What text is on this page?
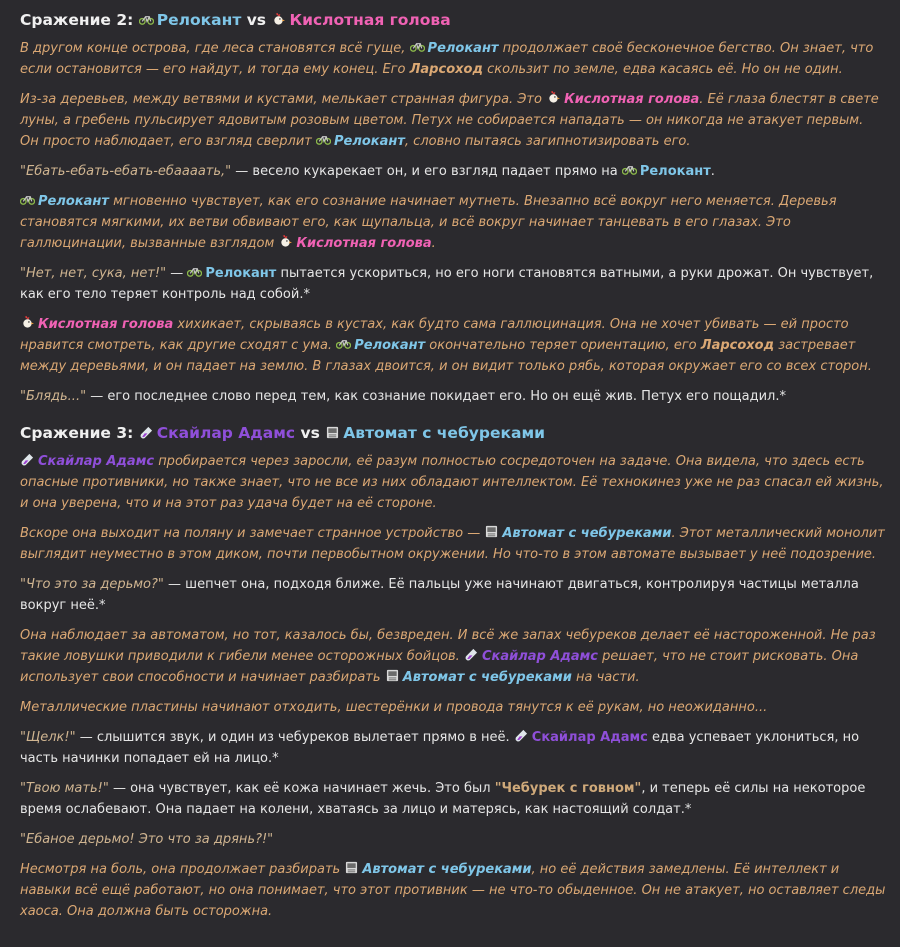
Сражение 2: Релокант vs Кислотная голова

В другом конце острова, где леса становятся всё гуще, Релокант продолжает своё бесконечное бегство. Он знает, что если остановится — его найдут, и тогда ему конец. Его Ларсоход скользит по земле, едва касаясь её. Но он не один.

Из-за деревьев, между ветвями и кустами, мелькает странная фигура. Это Кислотная голова. Её глаза блестят в свете луны, а гребень пульсирует ядовитым розовым цветом. Петух не собирается нападать — он никогда не атакует первым. Он просто наблюдает, его взгляд сверлит Релокант, словно пытаясь загипнотизировать его.

"Ебать-ебать-ебать-ебаааать," — весело кукарекает он, и его взгляд падает прямо на Релокант.

Релокант мгновенно чувствует, как его сознание начинает мутнеть. Внезапно всё вокруг него меняется. Деревья становятся мягкими, их ветви обвивают его, как щупальца, и всё вокруг начинает танцевать в его глазах. Это галлюцинации, вызванные взглядом Кислотная голова.

"Нет, нет, сука, нет!" — Релокант пытается ускориться, но его ноги становятся ватными, а руки дрожат. Он чувствует, как его тело теряет контроль над собой.*

Кислотная голова хихикает, скрываясь в кустах, как будто сама галлюцинация. Она не хочет убивать — ей просто нравится смотреть, как другие сходят с ума. Релокант окончательно теряет ориентацию, его Ларсоход застревает между деревьями, и он падает на землю. В глазах двоится, и он видит только рябь, которая окружает его со всех сторон.

"Блядь..." — его последнее слово перед тем, как сознание покидает его. Но он ещё жив. Петух его пощадил.*

Сражение 3: Скайлар Адамс vs Автомат с чебуреками

Скайлар Адамс пробирается через заросли, её разум полностью сосредоточен на задаче. Она видела, что здесь есть опасные противники, но также знает, что не все из них обладают интеллектом. Её технокинез уже не раз спасал ей жизнь, и она уверена, что и на этот раз удача будет на её стороне.

Вскоре она выходит на поляну и замечает странное устройство — Автомат с чебуреками. Этот металлический монолит выглядит неуместно в этом диком, почти первобытном окружении. Но что-то в этом автомате вызывает у неё подозрение.

"Что это за дерьмо?" — шепчет она, подходя ближе. Её пальцы уже начинают двигаться, контролируя частицы металла вокруг неё.*

Она наблюдает за автоматом, но тот, казалось бы, безвреден. И всё же запах чебуреков делает её настороженной. Не раз такие ловушки приводили к гибели менее осторожных бойцов. Скайлар Адамс решает, что не стоит рисковать. Она использует свои способности и начинает разбирать Автомат с чебуреками на части.

Металлические пластины начинают отходить, шестерёнки и провода тянутся к её рукам, но неожиданно...

"Щелк!" — слышится звук, и один из чебуреков вылетает прямо в неё. Скайлар Адамс едва успевает уклониться, но часть начинки попадает ей на лицо.*

"Твою мать!" — она чувствует, как её кожа начинает жечь. Это был "Чебурек с говном", и теперь её силы на некоторое время ослабевают. Она падает на колени, хватаясь за лицо и матерясь, как настоящий солдат.*

"Ебаное дерьмо! Это что за дрянь?!"

Несмотря на боль, она продолжает разбирать Автомат с чебуреками, но её действия замедлены. Её интеллект и навыки всё ещё работают, но она понимает, что этот противник — не что-то обыденное. Он не атакует, но оставляет следы хаоса. Она должна быть осторожна.
